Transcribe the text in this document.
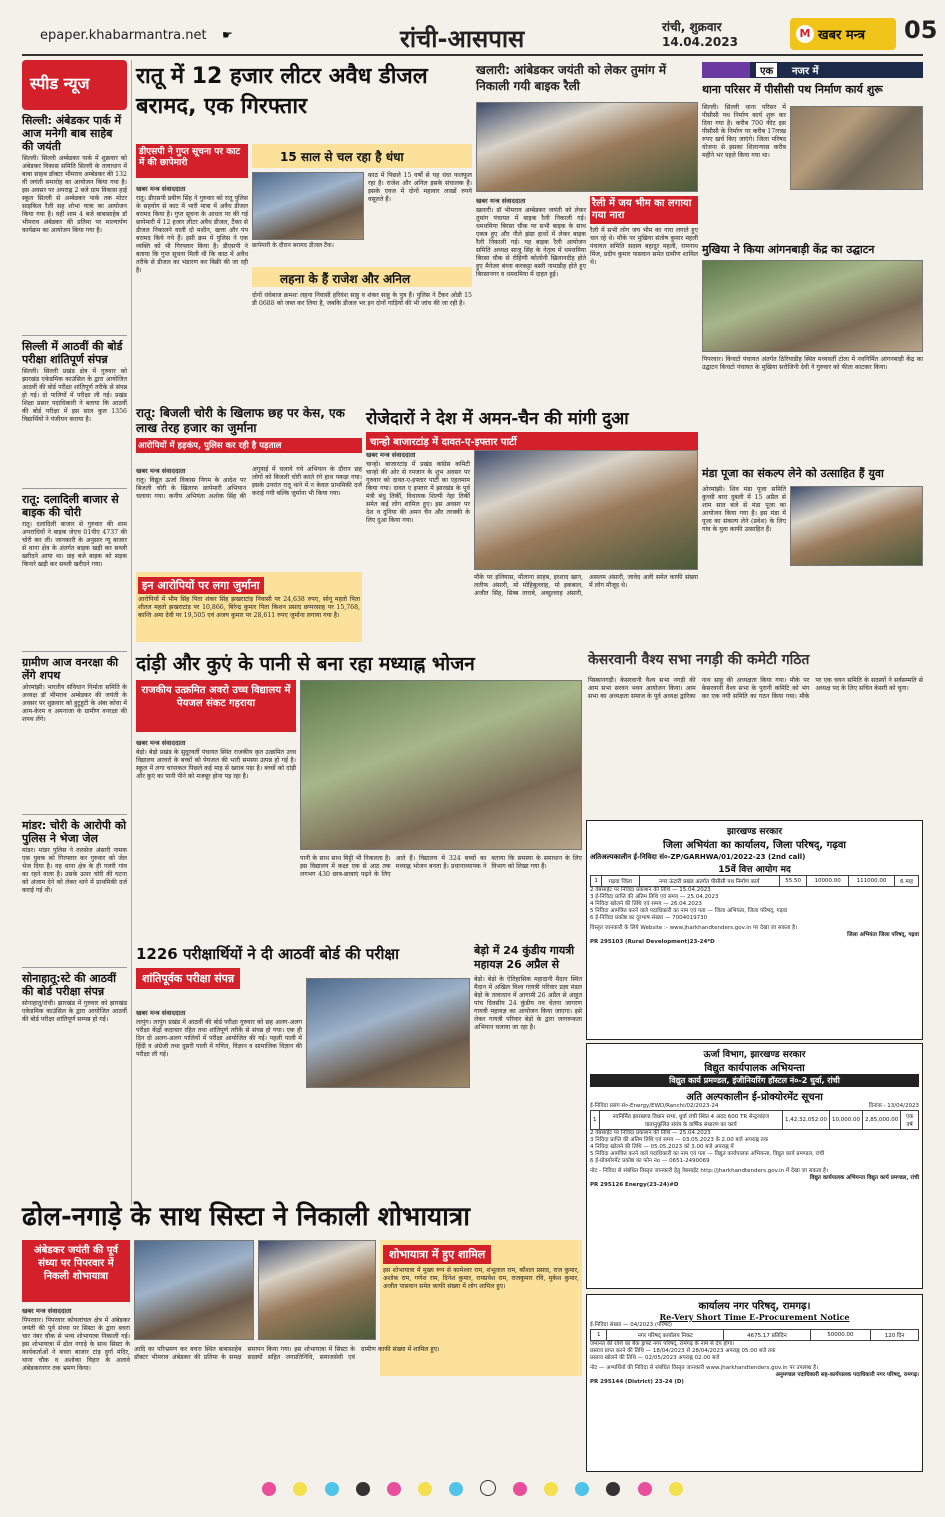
epaper.khabarmantra.net ☛	रांची-आसपास	रांची, शुक्रवार
14.04.2023
M खबर मन्त्र 05
स्पीड न्यूज
सिल्ली: अंबेडकर पार्क में आज मनेगी बाब साहेब की जयंती
सिल्ली। सिल्ली अम्बेडकर पार्क में शुक्रवार को अंबेडकर विकास समिति सिल्ली के तत्वाधान में बाबा साहब डॉक्टर भीमराव अम्बेडकर की 132 वीं जयंती समारोह का आयोजन किया गया है। इस अवसर पर अपराह्न 2 बजे ग्राम विकास हाई स्कूल सिल्ली से अम्बेडकर पार्क तक मोटर साइकिल रैली सह शोभा यात्रा का आयोजन किया गया है। वहीं शाम 4 बजे बाबासाहेब डॉ भीमराव अंबेडकर की प्रतिमा पर माल्यार्पण कार्यक्रम का आयोजन किया गया है।
सिल्ली में आठवीं की बोर्ड परीक्षा शांतिपूर्ण संपन्न
सिल्ली। सिल्ली प्रखंड क्षेत्र में गुरुवार को झारखंड एकेडमिक काउंसिल के द्वारा आयोजित आठवीं की बोर्ड परीक्षा शांतिपूर्ण तरीके से संपन्न हो गई। दो पालियों में परीक्षा ली गई। प्रखंड शिक्षा प्रसार पदाधिकारी ने बताया कि आठवीं की बोर्ड परीक्षा में इस साल कुल 1356 विद्यार्थियों ने पंजीयन कराया है।
रातू: दलादिली बाजार से बाइक की चोरी
रातू। दलादिली बाजार से गुरुवार की शाम अपराधियों ने बाइक जेएच 01पीए 4737 की चोरी कर ली। जानकारी के अनुसार न्यू बाजार से थाना क्षेत्र के अंतर्गत बाइक खड़ी कर सब्जी खरीदने आया था। छह बजे बाइक को सड़क किनारे खड़ी कर सब्जी खरीदने गया।
ग्रामीण आज वनरक्षा की लेंगे शपथ
ओरमांझी। भारतीय संविधान निर्माता समिति के अध्यक्ष डॉ भीमराव अम्बेडकर की जयंती के अवसर पर शुक्रवार को हुटुहुटी के अंबा कोचा में आम-केरम व अमनाजा के ग्रामीण वनरक्षा की शपथ लेंगे।
मांडर: चोरी के आरोपी को पुलिस ने भेजा जेल
मांडर। मांडर पुलिस ने तलसेज अंसारी नामक एक युवक को गिरफ्तार कर गुरुवार को जेल भेज दिया है। वह थाना क्षेत्र के ही गलरी गांव का रहने वाला है। उसके ऊपर चोरी की घटना को अंजाम देने को लेकर थाने में प्राथमिकी दर्ज कराई गई थी।
सोनाहातू:स्टे की आठवीं की बोर्ड परीक्षा संपन्न
सोनाहातू/रांची। झारखंड में गुरुवार को झारखंड एकेडमिक काउंसिल के द्वारा आयोजित आठवीं की बोर्ड परीक्षा शांतिपूर्ण सम्पन्न हो गई।
रातू में 12 हजार लीटर अवैध डीजल बरामद, एक गिरफ्तार
डीएसपी ने गुप्त सूचना पर काट में की छापेमारी	15 साल से चल रहा है धंधा
खबर मन्त्र संवाददाता
रातू। डीएसपी प्रवीण सिंह ने गुरुवार को रातू पुलिस के सहयोग से काट में भारी मात्रा में अवैध डीजल बरामद किया है। गुप्त सूचना के आधार पर की गई छापेमारी में 12 हजार लीटर अवैध डीजल, टैंकर से डीजल निकालने वाली दो मशीन, खत्ता और पंप बरामद किये गये हैं। इसी क्रम में पुलिस ने एक व्यक्ति को भी गिरफ्तार किया है। डीएसपी ने बताया कि गुप्त सूचना मिली थी कि काठ में अवैध तरीके से डीजल का भंडारण कर बिक्री की जा रही है।
छापेमारी के दौरान बरामद डीजल टैंक।
काठ में पिछले 15 वर्षों से यह धंधा फलफूल रहा है। राजेश और अनिल इसके संचालक हैं। इसके एवज में दोनों महावार लाखों रुपये वसूलते हैं।
लहना के हैं राजेश और अनिल
दोनों धंधेबाज क्रमशः लहना निवासी हरिवंश साहु व शंकर साहु के पुत्र हैं। पुलिस ने टैंकर ओडी 15 डी 0688 को जब्त कर लिया है, जबकि डीजल भर इन दोनों गाड़ियों की भी जांच की जा रही है।
खलारी: आंबेडकर जयंती को लेकर तुमांग में निकाली गयी बाइक रैली
खबर मन्त्र संवाददाता
खलारी। डॉ भीमराव अम्बेडकर जयंती को लेकर तुमांग पंचायत में बाइक रैली निकाली गई। धमधमिया बिरसा चौक पर सभी बाइक के साथ एकत्र हुए और नीले झंडा हाथों में लेकर बाइक रैली निकाली गई। यह बाइक रैली आयोजन समिति अध्यक्ष साजू सिंह के नेतृत्व में धमधमिया बिरसा चौक से रोहिणी कोलोनी खिलानदीह होते हुए मैनेजर बंग्ला करकट्टा बस्ती नामाडीह होते हुए बिरसानगर व धमधमिया में दाहत हुई।
रैली में जय भीम का लगाया गया नारा
रैली में सभी लोग जय भीम का नारा लगाते हुए चल रहे थे। मौके पर मुखिया संतोष कुमार महली पंचायत समिति सदस्य बहादुर महली, रामनाथ मिंज, प्रदीप कुमार पासवान समेत ग्रामीण शामिल थे।
एक	नजर में
थाना परिसर में पीसीसी पथ निर्माण कार्य शुरू
सिल्ली। सिल्ली थाना परिसर में पीसीसी पथ निर्माण कार्य शुरू कर दिया गया है। करीब 700 फीट इस पीसीसी के निर्माण पर करीब 17लाख रुपए खर्च किए जाएंगे। जिला परिषद योजना से इसका शिलान्यास करीब महीने भर पहले किया गया था।
मुखिया ने किया आंगनबाड़ी केंद्र का उद्घाटन
पिपरवार। किचटो पंचायत अंतर्गत ठिरियाडीह स्थित मध्यवर्ती टोला में नवनिर्मित आंगनबाड़ी केंद्र का उद्घाटन किचटो पंचायत के मुखिया सरोजिनी देवी ने गुरुवार को फीता काटकर किया।
मंडा पूजा का संकल्प लेने को उत्साहित हैं युवा
ओरमांझी। शिव मंडा पूजा समिति कुच्ची बारा दुबली में 15 अप्रैल से शाम सात बजे से मंडा पूजा का आयोजन किया गया है। इस मंडा में पूजा का संकल्प लेने (प्रवेश) के लिए गांव के युवा काफी उत्साहित हैं।
रातू: बिजली चोरी के खिलाफ छह पर केस, एक लाख तेरह हजार का जुर्माना
आरोपियों में हड़कंप, पुलिस कर रही है पड़ताल
खबर मन्त्र संवाददाता
रातू। विद्युत ऊर्जा विकास निगम के आदेश पर बिजली चोरी के खिलाफ छापेमारी अभियान चलाया गया। कनीय अभियंता अशोक सिंह की अगुवाई में चलाये गये अभियान के दौरान छह लोगों को बिजली चोरी करते रंगे हाथ पकड़ा गया। इसके उपरांत रातू थाने में न केवल प्राथमिकी दर्ज कराई गयी बल्कि जुर्माना भी किया गया।
इन आरोपियों पर लगा जुर्माना
आरोपियों में भीम सिंह पिता शंकर सिंह झखराटांड़ निवासी पर 24,638 रुपए, सोनू महतो पिता शीतल महतो झखराटांड़ पर 10,866, बिरेन्द्र कुमार पिता किशन प्रसाद छप्परसाह पर 15,768, कान्ति अमा देवी पर 19,505 एवं अजय कुमार पर 28,611 रुपए जुर्माना लगाया गया है।
रोजेदारों ने देश में अमन-चैन की मांगी दुआ
चान्हो बाजारटांड़ में दावत-ए-इफ्तार पार्टी
खबर मन्त्र संवाददाता
चान्हो। बाजारटांड़ में प्रखंड कांग्रेस कमिटी चान्हो की ओर से रमजान के शुभ अवसर पर गुरुवार को दावत-ए-इफ्तार पार्टी का एहतमाम किया गया। दावत ए इफ्तार में झारखंड के पूर्व मंत्री बंधु तिर्की, विधायक शिल्पी नेहा तिर्की समेत कई लोग शामिल हुए। इस अवसर पर देश व दुनिया की अमन चैन और तरक्की के लिए दुआ किया गया।
मौके पर इलियास, मौलाना साहब, इरशाद खान, लतीफ अंसारी, मो मोहिबुल्लाह, मो इकबाल, अजीत सिंह, सिब्ब ताराबे, अब्दुल्लाह अंसारी, असलम अंसारी, जावेद अली समेत काफी संख्या में लोग मौजूद थे।
केसरवानी वैश्य सभा नगड़ी की कमेटी गठित
पिस्कानगड़ी। केसरवानी वैश्य सभा नगड़ी की आम सभा सरवन भवन आयोजन किया। आम सभा का अध्यक्षता समाज के पूर्व अध्यक्ष द्वारिका नाथ साहू की अध्यक्षता किया गया। मौके पर केसरवानी वैश्य सभा के पुरानी कमिटि को भंग कर एक नयी समिति का गठन किया गया। मौके पर एक चयन समिति के सदस्यों ने सर्वसम्मति से अध्यक्ष पद के लिए सचिन केसरी को चुना।
दांड़ी और कुएं के पानी से बना रहा मध्याह्न भोजन
राजकीय उत्क्रमित अवरो उच्च विद्यालय में पेयजल संकट गहराया
खबर मन्त्र संवाददाता
बेड़ो। बेड़ो प्रखंड के सुदूरवर्ती पंचायत स्थित राजकीय कृत उत्क्रमित उच्च विद्यालय अरवरो के बच्चों को पेयजल की भारी समस्या उत्पन्न हो गई है। स्कूल में लगा चापाकल पिछले कई माह से खराब पड़ा है। बच्चों को दांड़ी और कुएं का पानी पीने को मजबूर होना पड़ रहा है।
पानी के साथ साथ मिट्टी भी निकलता है। इस विद्यालय में कक्षा एक से आठ तक लगभग 430 छात्र-छात्राएं पढ़ने के लिए आते हैं। विद्यालय में 324 बच्चों का मध्याह्न भोजन बनता है। प्रधानाध्यापक ने बताया कि समस्या के समाधान के लिए विभाग को लिखा गया है।
झारखण्ड सरकार
जिला अभियंता का कार्यालय, जिला परिषद्, गढ़वा
अतिअल्पकालीन ई-निविदा सं०-ZP/GARHWA/01/2022-23 (2nd call)
15वें वित्त आयोग मद
1	गढ़वा जिला	नगर ऊंटारी प्रखंड अंतर्गत पीसीसी पथ निर्माण कार्य	55.50	10000.00	111000.00	6 माह
2 वेबसाईट पर निविदा प्रकाशन की तिथि — 15.04.2023
3 ई-निविदा प्राप्ति की अंतिम तिथि एवं समय — 25.04.2023
4 निविदा खोलने की तिथि एवं समय — 26.04.2023
5 निविदा आमंत्रित करने वाले पदाधिकारी का नाम एवं पता — जिला अभियंता, जिला परिषद्, गढ़वा
6 ई-निविदा प्रकोष्ठ का दूरभाष संख्या — 7004019730
विस्तृत जानकारी के लिये Website :- www.jharkhandtenders.gov.in पर देखा जा सकता है।
जिला अभियंता जिला परिषद्, गढ़वा
PR 295103 (Rural Development)23-24*D
1226 परीक्षार्थियों ने दी आठवीं बोर्ड की परीक्षा
शांतिपूर्वक परीक्षा संपन्न
खबर मन्त्र संवाददाता
लापुंग। लापुंग प्रखंड में आठवीं की बोर्ड परीक्षा गुरुवार को छह अलग-अलग परीक्षा केंद्रों कदाचार रहित तथा शांतिपूर्ण तरीके से संपन्न हो गया। एक ही दिन दो अलग-अलग पालियों में परीक्षा आयोजित की गई। पहली पाली में हिंदी व अंग्रेजी तथा दूसरी पाली में गणित, विज्ञान व सामाजिक विज्ञान की परीक्षा ली गई।
बेड़ो में 24 कुंडीय गायत्री महायज्ञ 26 अप्रैल से
बेड़ो। बेड़ो के ऐतिहासिक महादानी मैदान स्थित मैदान में अखिल विश्व गायत्री परिवार प्रज्ञा मंडल बेड़ो के तत्वाधान में आगामी 26 अप्रैल से आहुत पांच दिवसीय 24 कुंडीय नव चेतना जागरण गायत्री महायज्ञ का आयोजन किया जाएगा। इसे लेकर गायत्री परिवार बेड़ो के द्वारा जागरूकता अभियान चलाया जा रहा है।
ऊर्जा विभाग, झारखण्ड सरकार
विद्युत कार्यपालक अभियन्ता
विद्युत कार्य प्रमण्डल, इंजीनियरिंग हॉस्टल नं०-2 धुर्वा, रांची
अति अल्पकालीन ई-प्रोक्योरमेंट सूचना
ई-निविदा प्रसंग सं०-Energy/EWD/Ranchi/02/2023-24	दिनांक - 13/04/2023
1	नवनिर्मित झारखण्ड विधान सभा, धुर्वा रांची स्थित 4 अदद 600 TR सेन्ट्रलाइज वातानुकूलित संयंत्र के वार्षिक संधारण का कार्य	1,42,32,052.00	10,000.00	2,85,000.00	एक वर्ष
2 वेबसाईट पर निविदा प्रकाशन की तिथि — 25.04.2023
3 निविदा प्राप्ति की अंतिम तिथि एवं समय — 03.05.2023 के 2.00 बजे अपराह्न तक
4 निविदा खोलने की तिथि — 05.05.2023 को 3.00 बजे अपराह्न में
5 निविदा आमंत्रित करने वाले पदाधिकारी का नाम एवं पता — विद्युत कार्यपालक अभियन्ता, विद्युत कार्य प्रमण्डल, रांची
6 ई-प्रोक्योरमेंट प्रकोष्ठ का फोन नंo — 0651-2490069
नोट - निविदा से संबंधित विस्तृत जानकारी हेतु वेबसाईट http://jharkhandtenders.gov.in में देखा जा सकता है।
विद्युत कार्यपालक अभियन्ता विद्युत कार्य प्रमण्डल, रांची
PR 295126 Energy(23-24)#D
ढोल-नगाड़े के साथ सिस्टा ने निकाली शोभायात्रा
अंबेडकर जयंती की पूर्व संध्या पर पिपरवार में निकली शोभायात्रा
खबर मन्त्र संवाददाता
पिपरवार। पिपरवार कोयलांचल क्षेत्र में अंबेडकर जयंती की पूर्व संध्या पर सिस्टा के द्वारा बचरा चार नंबर चौक से भव्य शोभायात्रा निकाली गई। इस शोभायात्रा में ढोल नगाड़े के साथ सिस्टा के कार्यकर्ताओं ने बचरा बाजार टांड़ दुर्गा मंदिर, थाना चौक व अशोका विहार के अलावे अंबेडकरनगर तक भ्रमण किया।
शोभायात्रा में हुए शामिल
इस शोभायात्रा में मुख्य रूप से कामेश्वर राम, शंभूलाल राम, कौशल प्रसाद, राज कुमार, अशोक राम, गणेश राम, दिनेश कुमार, रामप्रवेश राम, राजकुमार रवि, मुकेश कुमार, अजीत पासवान समेत काफी संख्या में लोग शामिल हुए।
आदि का परिभ्रमण कर बचरा स्थित बाबासाहेब डॉक्टर भीमराव अंबेडकर की प्रतिमा के समक्ष समापन किया गया। इस शोभायात्रा में सिस्टा के सदस्यों सहित जनप्रतिनिधि, समाजसेवी एवं ग्रामीण काफी संख्या में शामिल हुए।
कार्यालय नगर परिषद्, रामगढ़।
Re-Very Short Time E-Procurement Notice
ई-निविदा संख्या — 04/2023 (परिषद)
1	नगर परिषद् कार्यालय निकट	4675.17 प्रतिदिन	50000.00	120 दिन
जमानत की राशि का बैंक ड्राफ्ट नगर परिषद्, रामगढ़ के नाम से देय होगा।
प्रस्ताव प्राप्त करने की तिथि — 18/04/2023 से 28/04/2023 अपराह्न 05.00 बजे तक
प्रस्ताव खोलने की तिथि — 02/05/2023 अपराह्न 02.00 बजे
नोट — अभ्यर्थियों की निविदा से संबंधित विस्तृत जानकारी www.jharkhandtenders.gov.in पर उपलब्ध है।
अनुमण्डल पदाधिकारी सह-कार्यपालक पदाधिकारी नगर परिषद्, रामगढ़।
PR 295144 (District) 23-24 (D)
